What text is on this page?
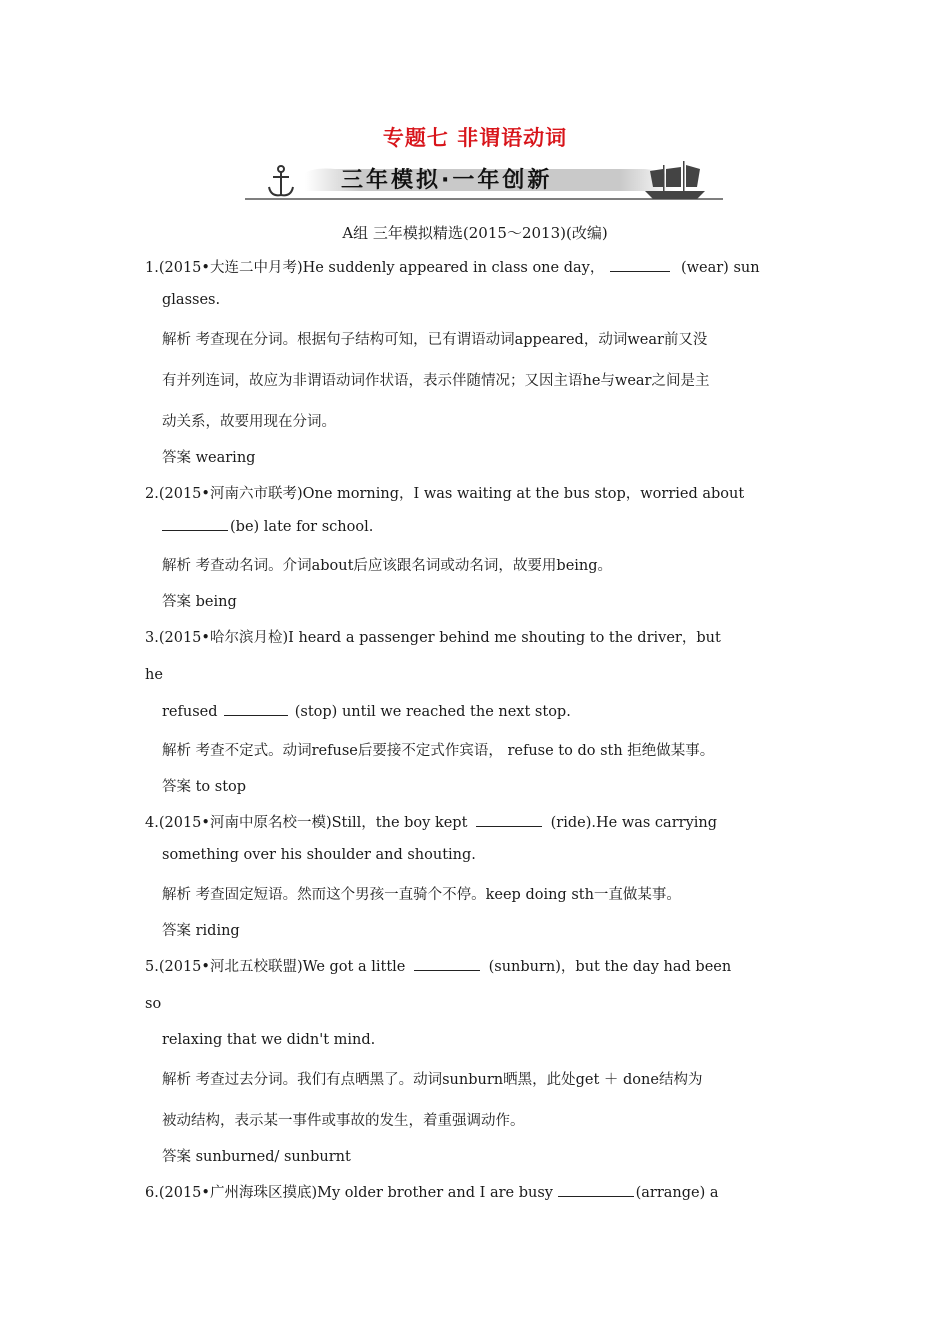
专题七 非谓语动词
三年模拟·一年创新
A组 三年模拟精选(2015～2013)(改编)
1.(2015•大连二中月考)He suddenly appeared in class one day，	(wear) sun
glasses.
解析 考查现在分词。根据句子结构可知，已有谓语动词appeared，动词wear前又没
有并列连词，故应为非谓语动词作状语，表示伴随情况；又因主语he与wear之间是主
动关系，故要用现在分词。
答案 wearing
2.(2015•河南六市联考)One morning，I was waiting at the bus stop，worried about
(be) late for school.
解析 考查动名词。介词about后应该跟名词或动名词，故要用being。
答案 being
3.(2015•哈尔滨月检)I heard a passenger behind me shouting to the driver，but
he
refused	(stop) until we reached the next stop.
解析 考查不定式。动词refuse后要接不定式作宾语， refuse to do sth 拒绝做某事。
答案 to stop
4.(2015•河南中原名校一模)Still，the boy kept	(ride).He was carrying
something over his shoulder and shouting.
解析 考查固定短语。然而这个男孩一直骑个不停。keep doing sth一直做某事。
答案 riding
5.(2015•河北五校联盟)We got a little	(sunburn)，but the day had been
so
relaxing that we didn't mind.
解析 考查过去分词。我们有点晒黑了。动词sunburn晒黑，此处get ＋ done结构为
被动结构，表示某一事件或事故的发生，着重强调动作。
答案 sunburned/ sunburnt
6.(2015•广州海珠区摸底)My older brother and I are busy	(arrange) a
